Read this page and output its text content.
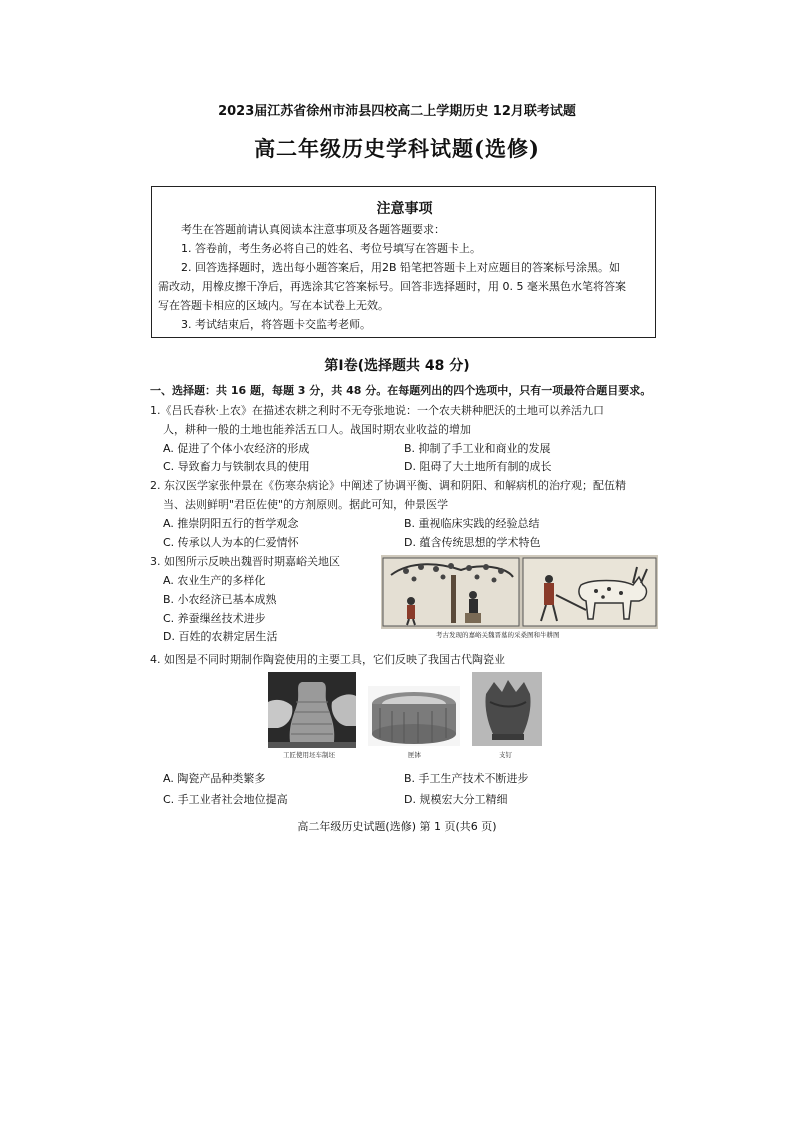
2023届江苏省徐州市沛县四校高二上学期历史 12月联考试题
高二年级历史学科试题(选修)
注意事项
考生在答题前请认真阅读本注意事项及各题答题要求：
1. 答卷前，考生务必将自己的姓名、考位号填写在答题卡上。
2. 回答选择题时，选出每小题答案后，用2B 铅笔把答题卡上对应题目的答案标号涂黑。如
需改动，用橡皮擦干净后，再选涂其它答案标号。回答非选择题时，用 0. 5 毫米黑色水笔将答案
写在答题卡相应的区域内。写在本试卷上无效。
3. 考试结束后，将答题卡交监考老师。
第Ⅰ卷(选择题共 48 分)
一、选择题：共 16 题，每题 3 分，共 48 分。在每题列出的四个选项中，只有一项最符合题目要求。
1.《吕氏春秋·上农》在描述农耕之利时不无夸张地说：一个农夫耕种肥沃的土地可以养活九口
人，耕种一般的土地也能养活五口人。战国时期农业收益的增加
A. 促进了个体小农经济的形成	B. 抑制了手工业和商业的发展
C. 导致畜力与铁制农具的使用	D. 阻碍了大土地所有制的成长
2. 东汉医学家张仲景在《伤寒杂病论》中阐述了协调平衡、调和阴阳、和解病机的治疗观；配伍精
当、法则鲜明"君臣佐使"的方剂原则。据此可知，仲景医学
A. 推崇阴阳五行的哲学观念	B. 重视临床实践的经验总结
C. 传承以人为本的仁爱情怀	D. 蕴含传统思想的学术特色
3. 如图所示反映出魏晋时期嘉峪关地区
A. 农业生产的多样化
B. 小农经济已基本成熟
C. 养蚕缫丝技术进步
D. 百姓的农耕定居生活	考古发现的嘉峪关魏晋墓的采桑图和牛耕图
4. 如图是不同时期制作陶瓷使用的主要工具，它们反映了我国古代陶瓷业
工匠使用坯车制坯	匣钵	支钉
A. 陶瓷产品种类繁多	B. 手工生产技术不断进步
C. 手工业者社会地位提高	D. 规模宏大分工精细
高二年级历史试题(选修) 第 1 页(共6 页)
